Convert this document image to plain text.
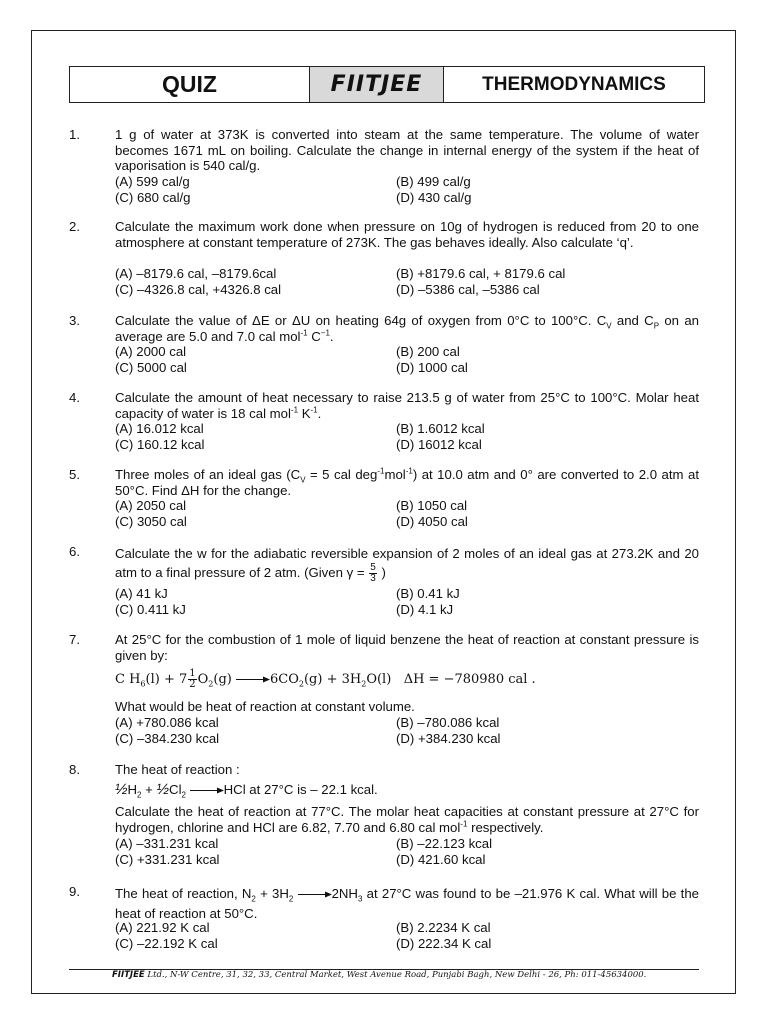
QUIZ	FIITJEE	THERMODYNAMICS
1.	1 g of water at 373K is converted into steam at the same temperature. The volume of water becomes 1671 mL on boiling. Calculate the change in internal energy of the system if the heat of vaporisation is 540 cal/g.
(A) 599 cal/g	(B) 499 cal/g
(C) 680 cal/g	(D) 430 cal/g
2.	Calculate the maximum work done when pressure on 10g of hydrogen is reduced from 20 to one atmosphere at constant temperature of 273K. The gas behaves ideally. Also calculate ‘q’.
(A) –8179.6 cal, –8179.6cal	(B) +8179.6 cal, + 8179.6 cal
(C) –4326.8 cal, +4326.8 cal	(D) –5386 cal, –5386 cal
3.	Calculate the value of ΔE or ΔU on heating 64g of oxygen from 0°C to 100°C. $C_V$ and $C_P$ on an average are 5.0 and 7.0 cal mol$^{-1}$ $C^{-1}$.
(A) 2000 cal	(B) 200 cal
(C) 5000 cal	(D) 1000 cal
4.	Calculate the amount of heat necessary to raise 213.5 g of water from 25°C to 100°C. Molar heat capacity of water is 18 cal mol$^{-1}$ $K^{-1}$.
(A) 16.012 kcal	(B) 1.6012 kcal
(C) 160.12 kcal	(D) 16012 kcal
5.	Three moles of an ideal gas ($C_V = 5$ cal deg$^{-1}$mol$^{-1}$) at 10.0 atm and 0° are converted to 2.0 atm at 50°C. Find ΔH for the change.
(A) 2050 cal	(B) 1050 cal
(C) 3050 cal	(D) 4050 cal
6.	Calculate the w for the adiabatic reversible expansion of 2 moles of an ideal gas at 273.2K and 20 atm to a final pressure of 2 atm. (Given $\gamma = \frac{5}{3}$ )
(A) 41 kJ	(B) 0.41 kJ
(C) 0.411 kJ	(D) 4.1 kJ
7.	At 25°C for the combustion of 1 mole of liquid benzene the heat of reaction at constant pressure is given by:
C $H_6(l) + 7 \frac{1}{2} O_2(g) \to 6CO_2(g) + 3H_2O(l) \Delta H = -780980$ cal .
What would be heat of reaction at constant volume.
(A) +780.086 kcal	(B) –780.086 kcal
(C) –384.230 kcal	(D) +384.230 kcal
8.	The heat of reaction :
$\frac{1}{2}H_2$ + $\frac{1}{2}Cl_2 \to HCl$ at 27°C is – 22.1 kcal.
Calculate the heat of reaction at 77°C. The molar heat capacities at constant pressure at 27°C for hydrogen, chlorine and HCl are 6.82, 7.70 and 6.80 cal mol$^{-1}$ respectively.
(A) –331.231 kcal	(B) –22.123 kcal
(C) +331.231 kcal	(D) 421.60 kcal
9.	The heat of reaction, $N_2 + 3H_2 \to 2NH_3$ at 27°C was found to be –21.976 K cal. What will be the heat of reaction at 50°C.
(A) 221.92 K cal	(B) 2.2234 K cal
(C) –22.192 K cal	(D) 222.34 K cal
FIITJEE Ltd., N-W Centre, 31, 32, 33, Central Market, West Avenue Road, Punjabi Bagh, New Delhi - 26, Ph: 011-45634000.
